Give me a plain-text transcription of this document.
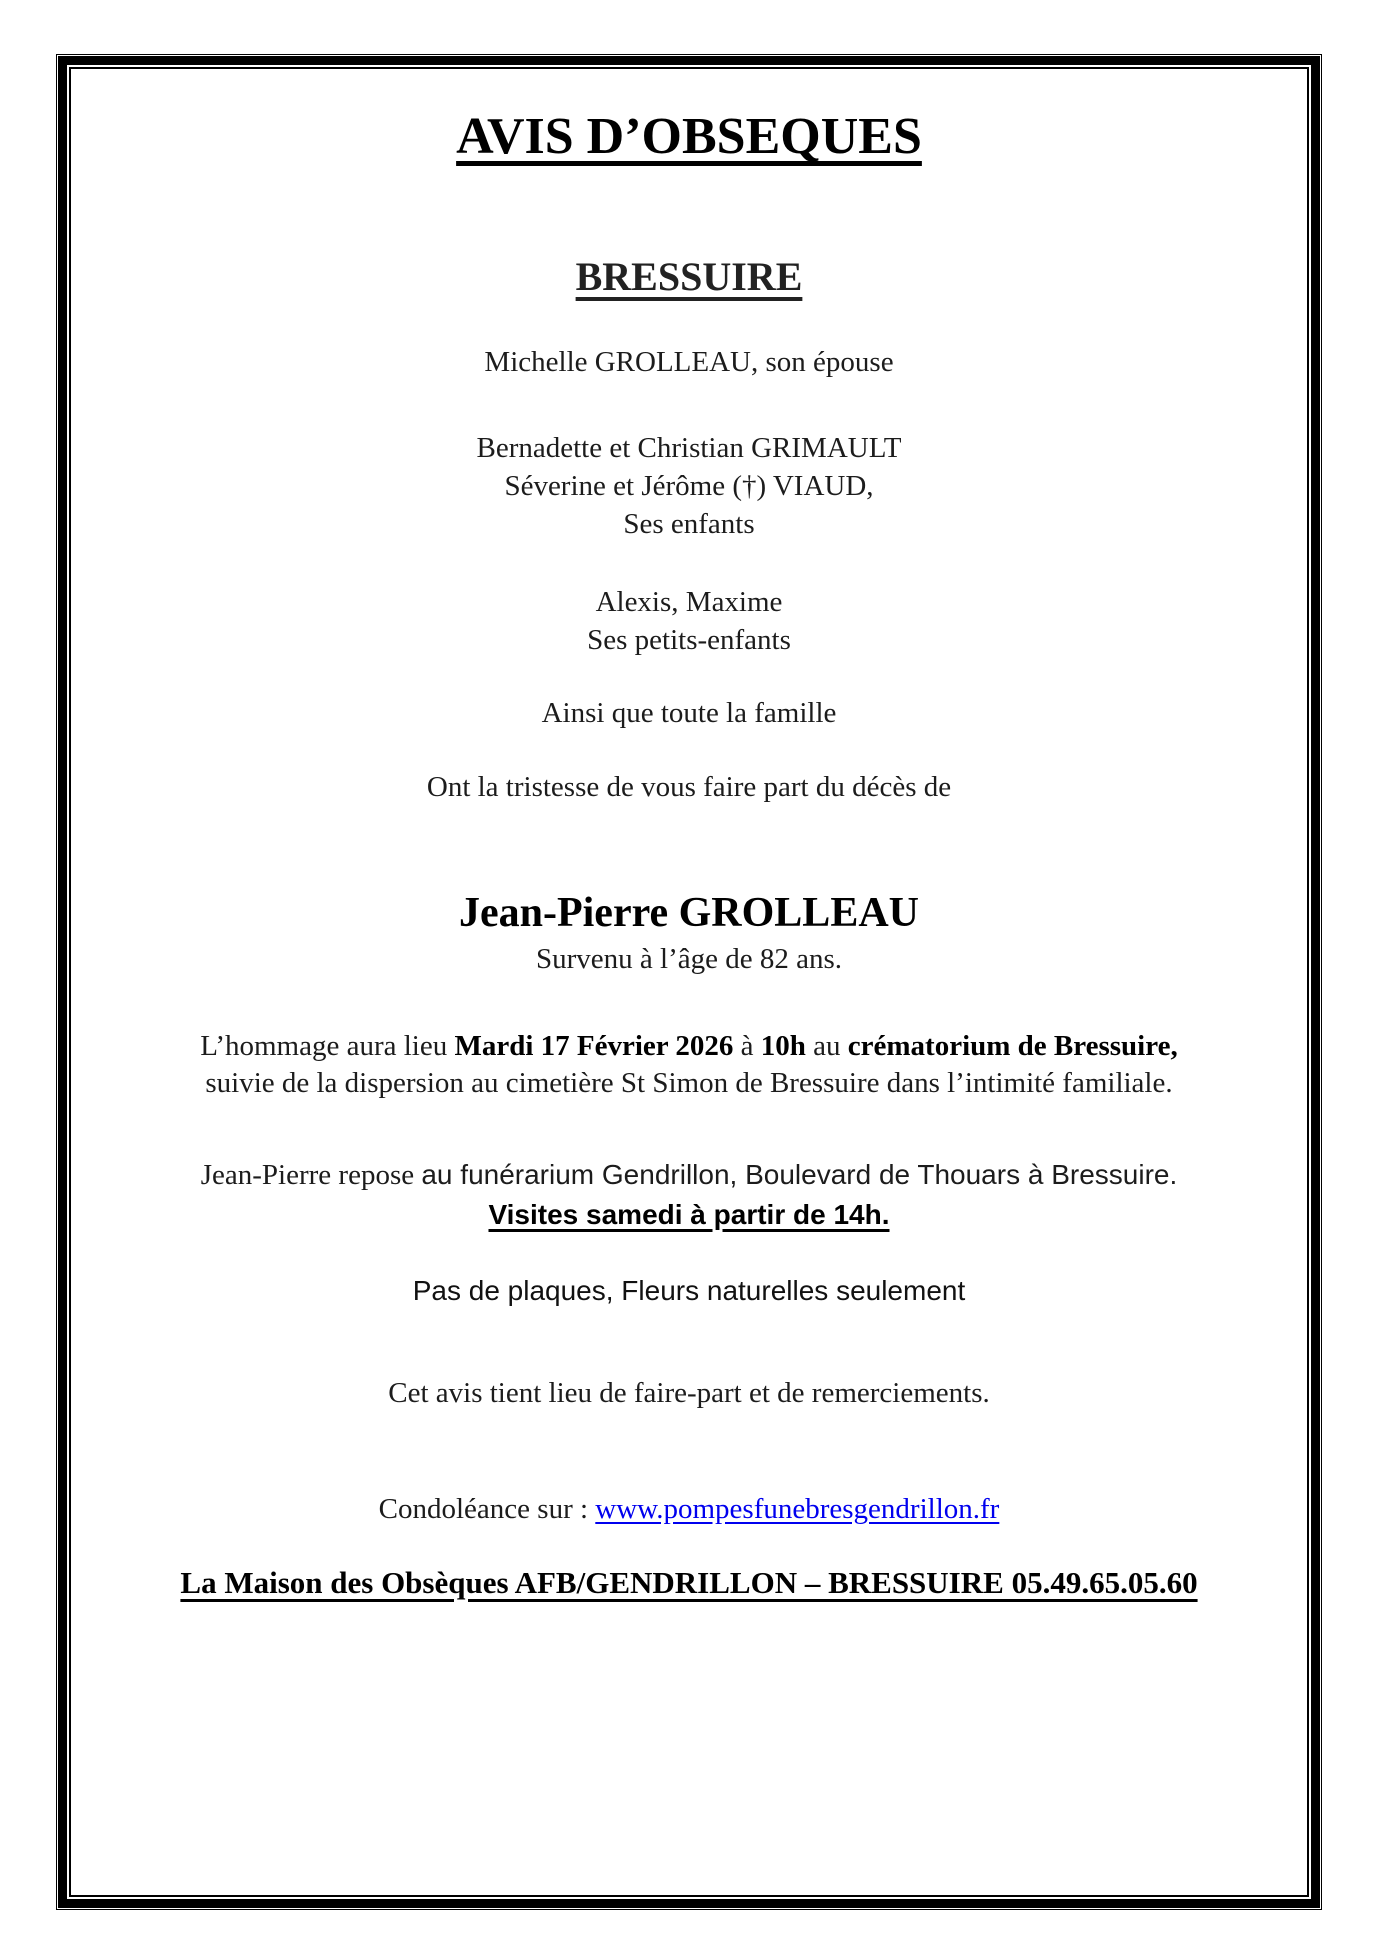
AVIS D’OBSEQUES
BRESSUIRE
Michelle GROLLEAU, son épouse
Bernadette et Christian GRIMAULT
Séverine et Jérôme (†) VIAUD,
Ses enfants
Alexis, Maxime
Ses petits-enfants
Ainsi que toute la famille
Ont la tristesse de vous faire part du décès de
Jean-Pierre GROLLEAU
Survenu à l’âge de 82 ans.
L’hommage aura lieu Mardi 17 Février 2026 à 10h au crématorium de Bressuire,
suivie de la dispersion au cimetière St Simon de Bressuire dans l’intimité familiale.
Jean-Pierre repose au funérarium Gendrillon, Boulevard de Thouars à Bressuire.
Visites samedi à partir de 14h.
Pas de plaques, Fleurs naturelles seulement
Cet avis tient lieu de faire-part et de remerciements.
Condoléance sur : www.pompesfunebresgendrillon.fr
La Maison des Obsèques AFB/GENDRILLON – BRESSUIRE 05.49.65.05.60
